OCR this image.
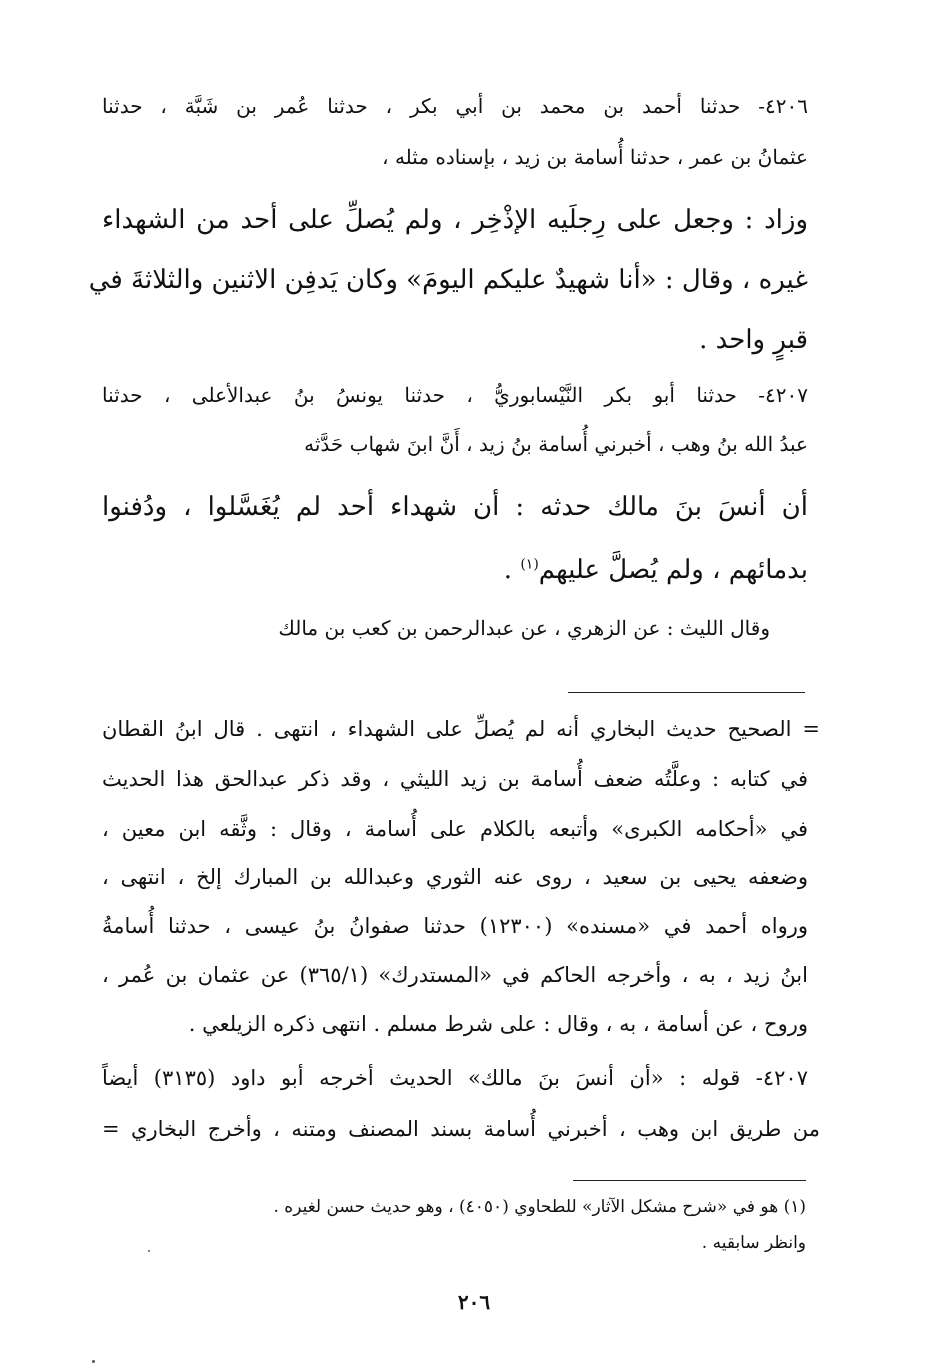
٤٢٠٦- حدثنا أحمد بن محمد بن أبي بكر ، حدثنا عُمر بن شَبَّة ، حدثنا
عثمانُ بن عمر ، حدثنا أُسامة بن زيد ، بإسناده مثله ،
وزاد : وجعل على رِجلَيه الإذْخِر ، ولم يُصلِّ على أحد من الشهداء
غيره ، وقال : «أنا شهيدٌ عليكم اليومَ» وكان يَدفِن الاثنين والثلاثةَ في
قبرٍ واحد .
٤٢٠٧- حدثنا أبو بكر النَّيْسابوريُّ ، حدثنا يونسُ بنُ عبدالأعلى ، حدثنا
عبدُ الله بنُ وهب ، أخبرني أُسامة بنُ زيد ، أَنَّ ابنَ شهاب حَدَّثه
أن أنسَ بنَ مالك حدثه : أن شهداء أحد لم يُغَسَّلوا ، ودُفنوا
بدمائهم ، ولم يُصلَّ عليهم$^{(١)}$ .
وقال الليث : عن الزهري ، عن عبدالرحمن بن كعب بن مالك
= الصحيح حديث البخاري أنه لم يُصلِّ على الشهداء ، انتهى . قال ابنُ القطان
في كتابه : وعلَّتُه ضعف أُسامة بن زيد الليثي ، وقد ذكر عبدالحق هذا الحديث
في «أحكامه الكبرى» وأتبعه بالكلام على أُسامة ، وقال : وثَّقه ابن معين ،
وضعفه يحيى بن سعيد ، روى عنه الثوري وعبدالله بن المبارك إلخ ، انتهى ،
ورواه أحمد في «مسنده» (١٢٣٠٠) حدثنا صفوانُ بنُ عيسى ، حدثنا أُسامةُ
ابنُ زيد ، به ، وأخرجه الحاكم في «المستدرك» (٣٦٥/١) عن عثمان بن عُمر ،
وروح ، عن أسامة ، به ، وقال : على شرط مسلم . انتهى ذكره الزيلعي .
٤٢٠٧- قوله : «أن أنسَ بنَ مالك» الحديث أخرجه أبو داود (٣١٣٥) أيضاً
من طريق ابن وهب ، أخبرني أُسامة بسند المصنف ومتنه ، وأخرج البخاري =
(١) هو في «شرح مشكل الآثار» للطحاوي (٤٠٥٠) ، وهو حديث حسن لغيره .
وانظر سابقيه .
٢٠٦
